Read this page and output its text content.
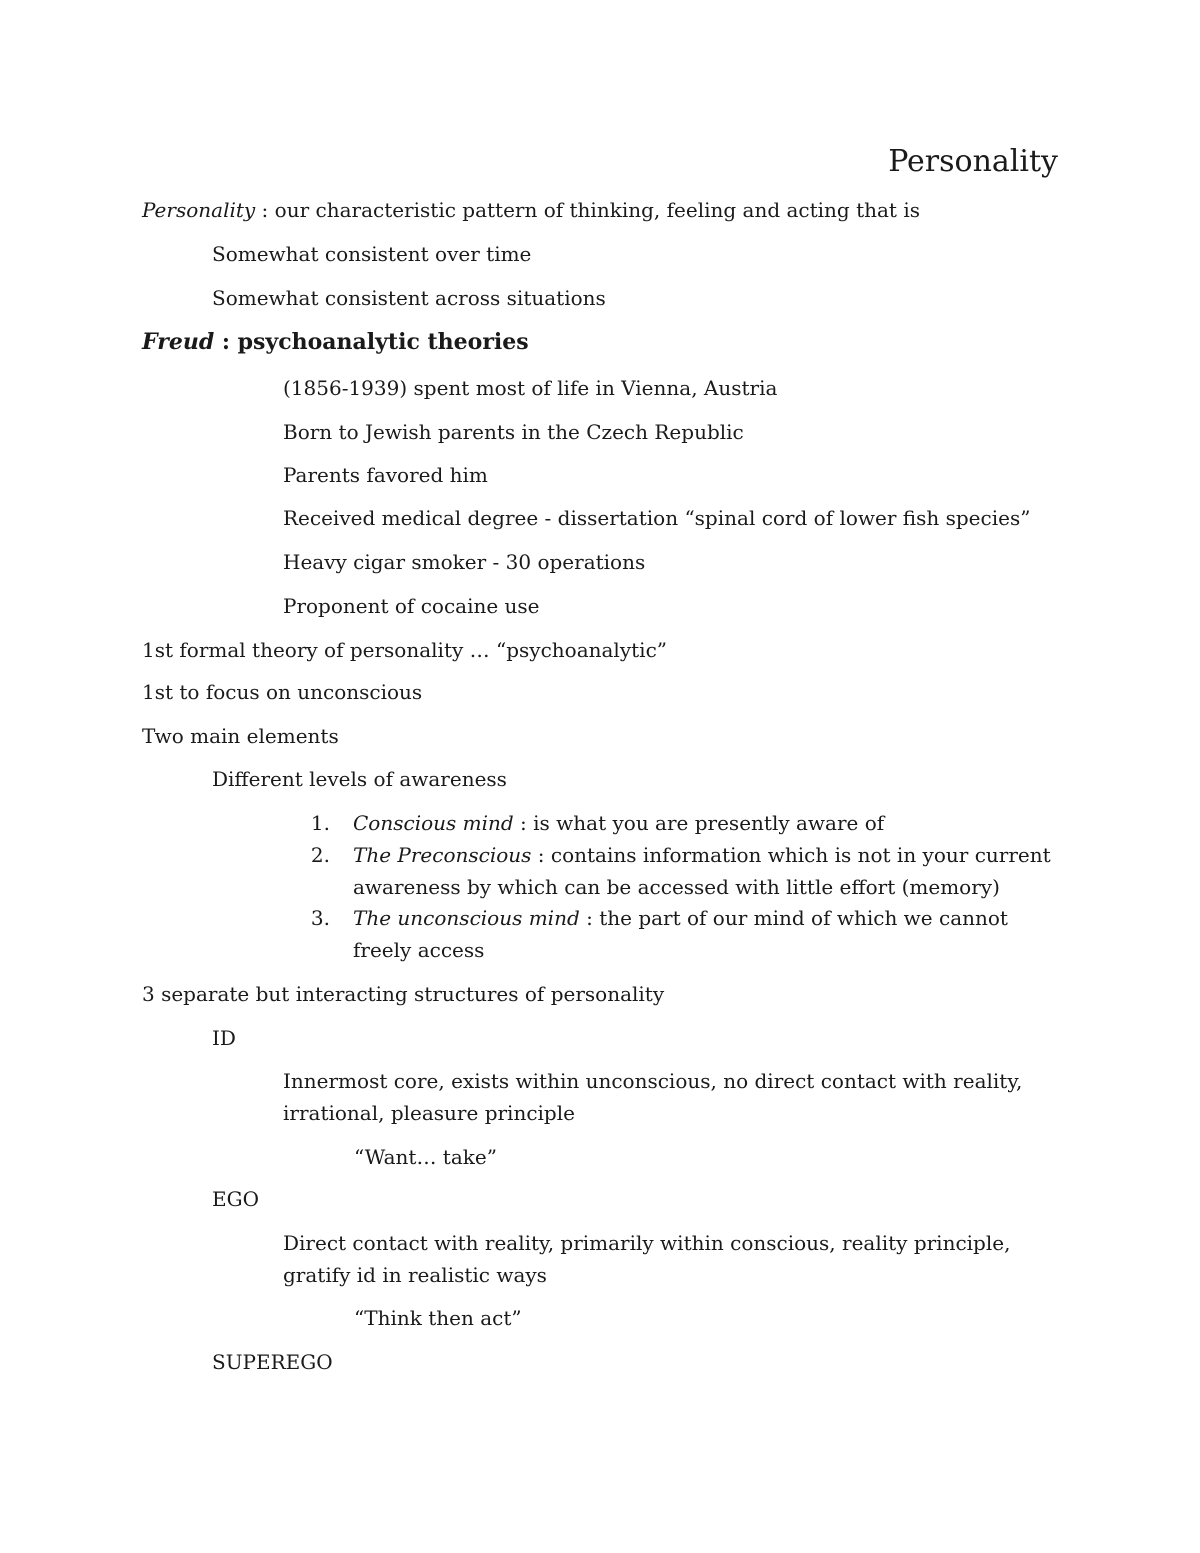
Personality
Personality : our characteristic pattern of thinking, feeling and acting that is
Somewhat consistent over time
Somewhat consistent across situations
Freud : psychoanalytic theories
(1856-1939) spent most of life in Vienna, Austria
Born to Jewish parents in the Czech Republic
Parents favored him
Received medical degree - dissertation “spinal cord of lower fish species”
Heavy cigar smoker - 30 operations
Proponent of cocaine use
1st formal theory of personality … “psychoanalytic”
1st to focus on unconscious
Two main elements
Different levels of awareness
1. Conscious mind : is what you are presently aware of
2. The Preconscious : contains information which is not in your current awareness by which can be accessed with little effort (memory)
3. The unconscious mind : the part of our mind of which we cannot freely access
3 separate but interacting structures of personality
ID
Innermost core, exists within unconscious, no direct contact with reality, irrational, pleasure principle
“Want… take”
EGO
Direct contact with reality, primarily within conscious, reality principle, gratify id in realistic ways
“Think then act”
SUPEREGO
